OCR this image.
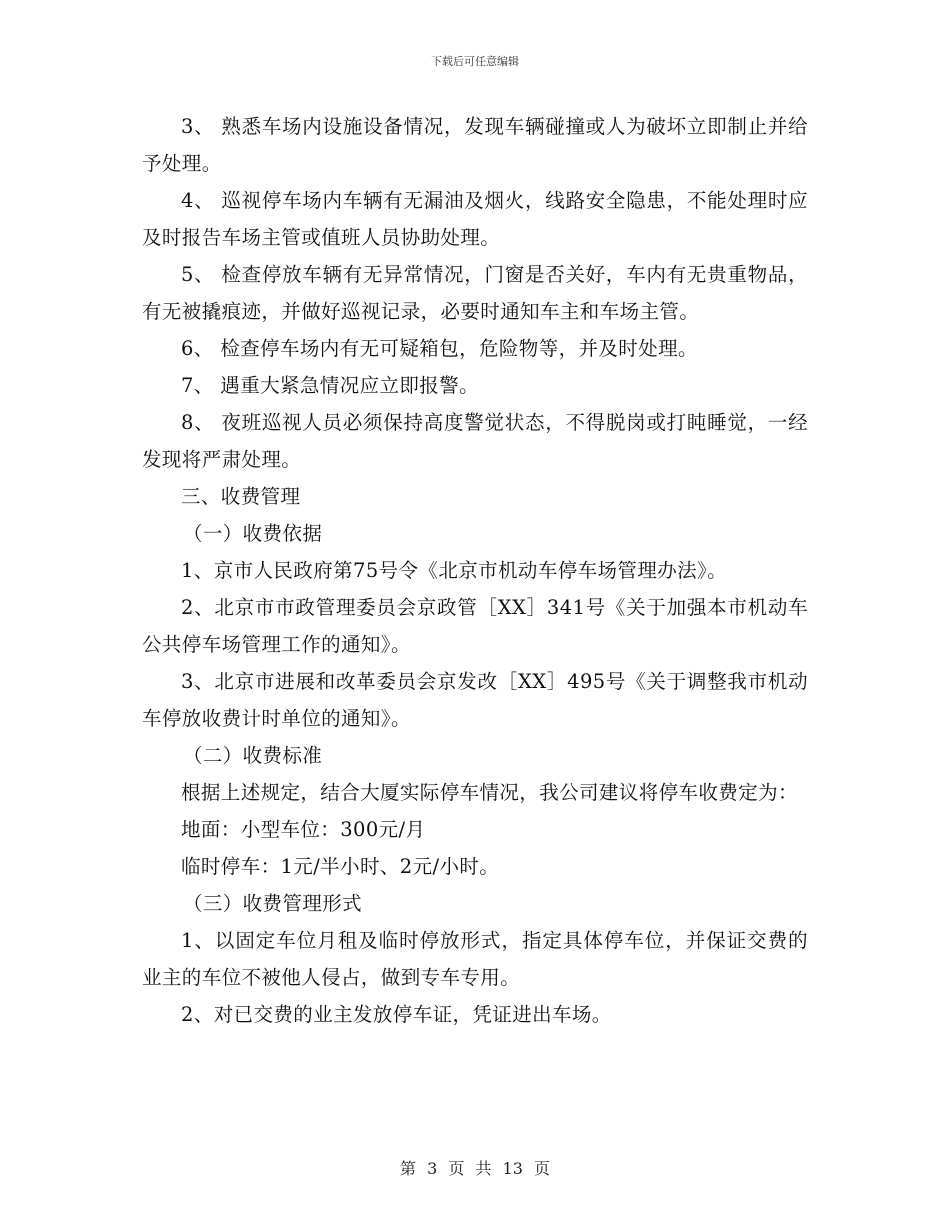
下载后可任意编辑

3、 熟悉车场内设施设备情况，发现车辆碰撞或人为破坏立即制止并给予处理。

4、 巡视停车场内车辆有无漏油及烟火，线路安全隐患，不能处理时应及时报告车场主管或值班人员协助处理。

5、 检查停放车辆有无异常情况，门窗是否关好，车内有无贵重物品，有无被撬痕迹，并做好巡视记录，必要时通知车主和车场主管。

6、 检查停车场内有无可疑箱包，危险物等，并及时处理。

7、 遇重大紧急情况应立即报警。

8、 夜班巡视人员必须保持高度警觉状态，不得脱岗或打盹睡觉，一经发现将严肃处理。

三、收费管理

（一）收费依据

1、京市人民政府第75号令《北京市机动车停车场管理办法》。

2、北京市市政管理委员会京政管［XX］341号《关于加强本市机动车公共停车场管理工作的通知》。

3、北京市进展和改革委员会京发改［XX］495号《关于调整我市机动车停放收费计时单位的通知》。

（二）收费标准

根据上述规定，结合大厦实际停车情况，我公司建议将停车收费定为：

地面：小型车位：300元/月

临时停车：1元/半小时、2元/小时。

（三）收费管理形式

1、以固定车位月租及临时停放形式，指定具体停车位，并保证交费的业主的车位不被他人侵占，做到专车专用。

2、对已交费的业主发放停车证，凭证进出车场。

第 3 页 共 13 页
